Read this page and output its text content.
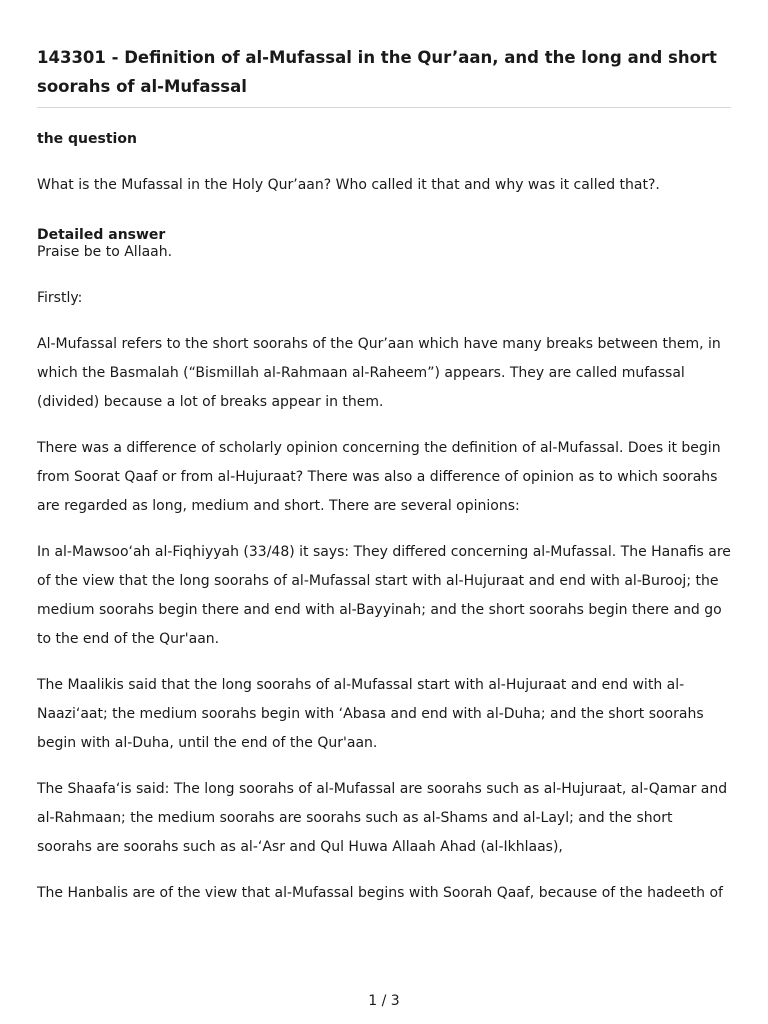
143301 - Definition of al-Mufassal in the Qur’aan, and the long and short soorahs of al-Mufassal
the question

What is the Mufassal in the Holy Qur’aan? Who called it that and why was it called that?.

Detailed answer

Praise be to Allaah.

Firstly:

Al-Mufassal refers to the short soorahs of the Qur’aan which have many breaks between them, in which the Basmalah (“Bismillah al-Rahmaan al-Raheem”) appears. They are called mufassal (divided) because a lot of breaks appear in them.

There was a difference of scholarly opinion concerning the definition of al-Mufassal. Does it begin from Soorat Qaaf or from al-Hujuraat? There was also a difference of opinion as to which soorahs are regarded as long, medium and short. There are several opinions:

In al-Mawsoo‘ah al-Fiqhiyyah (33/48) it says: They differed concerning al-Mufassal. The Hanafis are of the view that the long soorahs of al-Mufassal start with al-Hujuraat and end with al-Burooj; the medium soorahs begin there and end with al-Bayyinah; and the short soorahs begin there and go to the end of the Qur'aan.

The Maalikis said that the long soorahs of al-Mufassal start with al-Hujuraat and end with al-Naazi‘aat; the medium soorahs begin with ‘Abasa and end with al-Duha; and the short soorahs begin with al-Duha, until the end of the Qur'aan.

The Shaafa‘is said: The long soorahs of al-Mufassal are soorahs such as al-Hujuraat, al-Qamar and al-Rahmaan; the medium soorahs are soorahs such as al-Shams and al-Layl; and the short soorahs are soorahs such as al-‘Asr and Qul Huwa Allaah Ahad (al-Ikhlaas),

The Hanbalis are of the view that al-Mufassal begins with Soorah Qaaf, because of the hadeeth of

1 / 3
